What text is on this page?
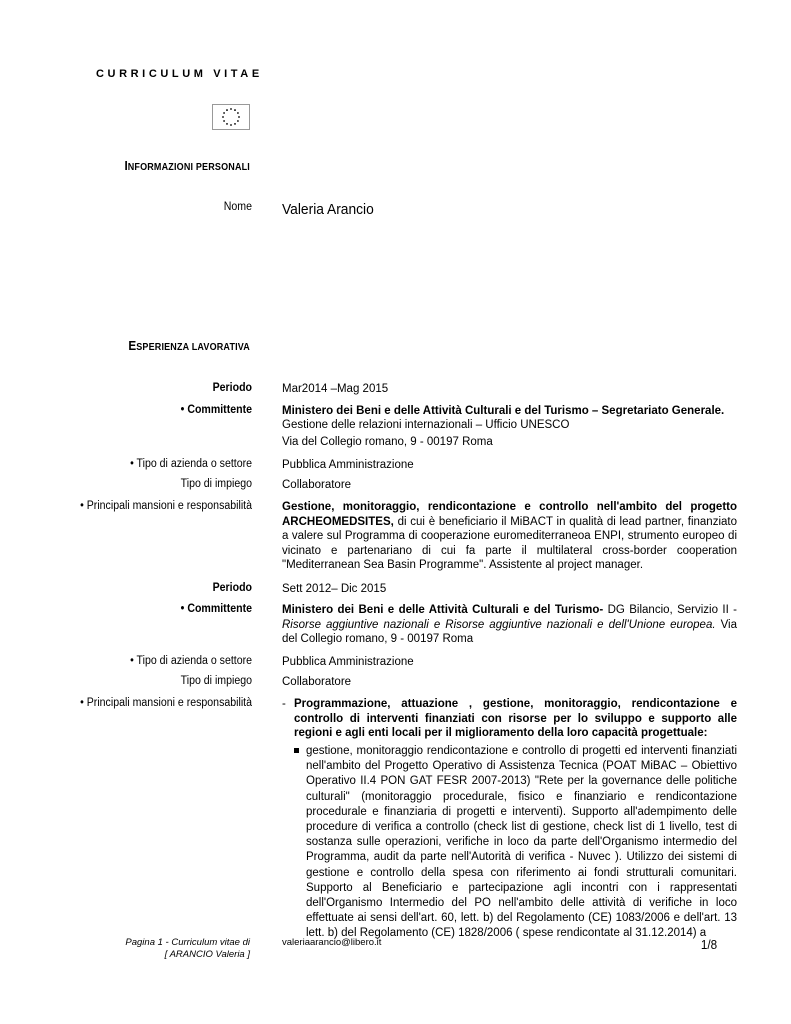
CURRICULUM VITAE
INFORMAZIONI PERSONALI
Nome Valeria Arancio
ESPERIENZA LAVORATIVA
Periodo	Mar2014 –Mag 2015
• Committente	Ministero dei Beni e delle Attività Culturali e del Turismo – Segretariato Generale.
Gestione delle relazioni internazionali – Ufficio UNESCO
Via del Collegio romano, 9 - 00197 Roma
• Tipo di azienda o settore	Pubblica Amministrazione
Tipo di impiego	Collaboratore
• Principali mansioni e responsabilità	Gestione, monitoraggio, rendicontazione e controllo nell'ambito del progetto ARCHEOMEDSITES, di cui è beneficiario il MiBACT in qualità di lead partner, finanziato a valere sul Programma di cooperazione euromediterraneoa ENPI, strumento europeo di vicinato e partenariano di cui fa parte il multilateral cross-border cooperation "Mediterranean Sea Basin Programme". Assistente al project manager.
Periodo	Sett 2012– Dic 2015
• Committente	Ministero dei Beni e delle Attività Culturali e del Turismo- DG Bilancio, Servizio II - Risorse aggiuntive nazionali e Risorse aggiuntive nazionali e dell'Unione europea. Via del Collegio romano, 9 - 00197 Roma
• Tipo di azienda o settore	Pubblica Amministrazione
Tipo di impiego	Collaboratore
• Principali mansioni e responsabilità	- Programmazione, attuazione , gestione, monitoraggio, rendicontazione e controllo di interventi finanziati con risorse per lo sviluppo e supporto alle regioni e agli enti locali per il miglioramento della loro capacità progettuale:
gestione, monitoraggio rendicontazione e controllo di progetti ed interventi finanziati nell'ambito del Progetto Operativo di Assistenza Tecnica (POAT MiBAC – Obiettivo Operativo II.4 PON GAT FESR 2007-2013) "Rete per la governance delle politiche culturali" (monitoraggio procedurale, fisico e finanziario e rendicontazione procedurale e finanziaria di progetti e interventi). Supporto all'adempimento delle procedure di verifica a controllo (check list di gestione, check list di 1 livello, test di sostanza sulle operazioni, verifiche in loco da parte dell'Organismo intermedio del Programma, audit da parte nell'Autorità di verifica - Nuvec ). Utilizzo dei sistemi di gestione e controllo della spesa con riferimento ai fondi strutturali comunitari. Supporto al Beneficiario e partecipazione agli incontri con i rappresentati dell'Organismo Intermedio del PO nell'ambito delle attività di verifiche in loco effettuate ai sensi dell'art. 60, lett. b) del Regolamento (CE) 1083/2006 e dell'art. 13 lett. b) del Regolamento (CE) 1828/2006 ( spese rendicontate al 31.12.2014) a
Pagina 1 - Curriculum vitae di
[ ARANCIO Valeria ]
valeriaarancio@libero.it	1/8
